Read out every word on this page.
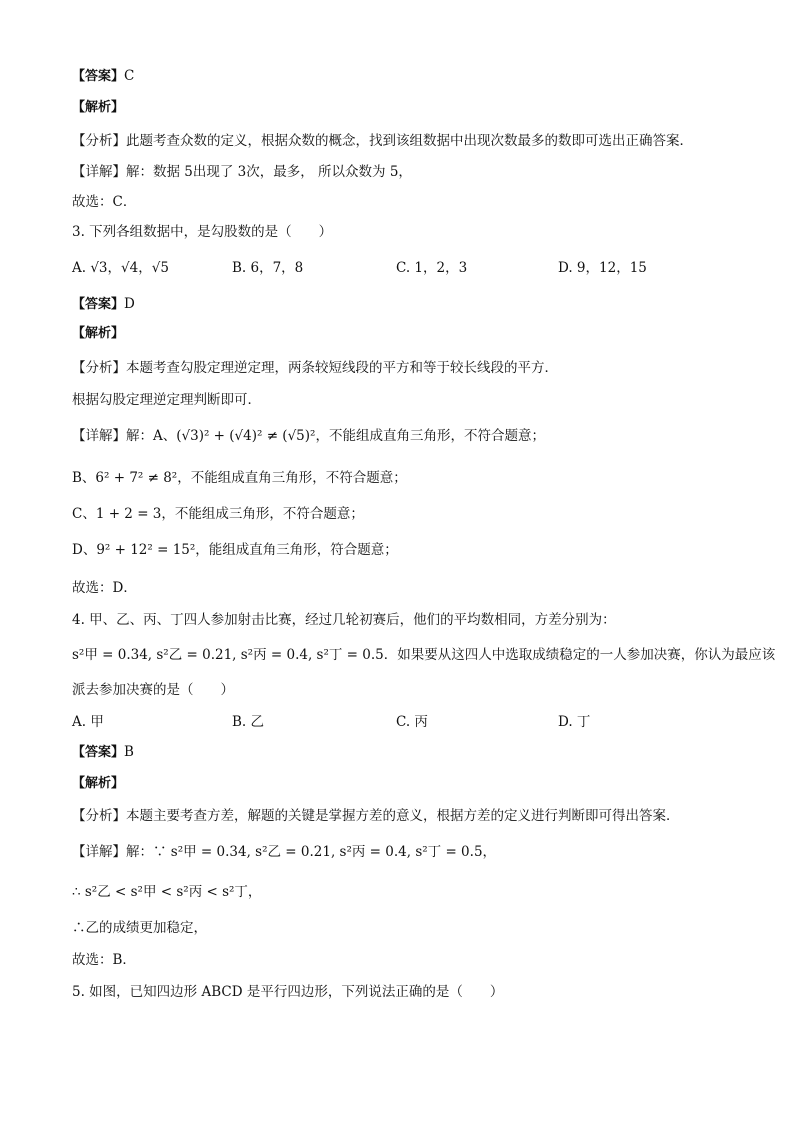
【答案】C
【解析】
【分析】此题考查众数的定义，根据众数的概念，找到该组数据中出现次数最多的数即可选出正确答案．
【详解】解：数据 5出现了 3次，最多， 所以众数为 5，
故选：C．
3. 下列各组数据中，是勾股数的是（　　）
A. √3，√4，√5	B. 6，7，8	C. 1，2，3	D. 9，12，15
【答案】D
【解析】
【分析】本题考查勾股定理逆定理，两条较短线段的平方和等于较长线段的平方．
根据勾股定理逆定理判断即可．
【详解】解：A、(√3)² + (√4)² ≠ (√5)²，不能组成直角三角形，不符合题意；
B、6² + 7² ≠ 8²，不能组成直角三角形，不符合题意；
C、1 + 2 = 3，不能组成三角形，不符合题意；
D、9² + 12² = 15²，能组成直角三角形，符合题意；
故选：D．
4. 甲、乙、丙、丁四人参加射击比赛，经过几轮初赛后，他们的平均数相同，方差分别为：
s²甲 = 0.34, s²乙 = 0.21, s²丙 = 0.4, s²丁 = 0.5．如果要从这四人中选取成绩稳定的一人参加决赛，你认为最应该
派去参加决赛的是（　　）
A. 甲	B. 乙	C. 丙	D. 丁
【答案】B
【解析】
【分析】本题主要考查方差，解题的关键是掌握方差的意义，根据方差的定义进行判断即可得出答案．
【详解】解：∵ s²甲 = 0.34, s²乙 = 0.21, s²丙 = 0.4, s²丁 = 0.5，
∴ s²乙 < s²甲 < s²丙 < s²丁，
∴乙的成绩更加稳定，
故选：B．
5. 如图，已知四边形 ABCD 是平行四边形，下列说法正确的是（　　）
